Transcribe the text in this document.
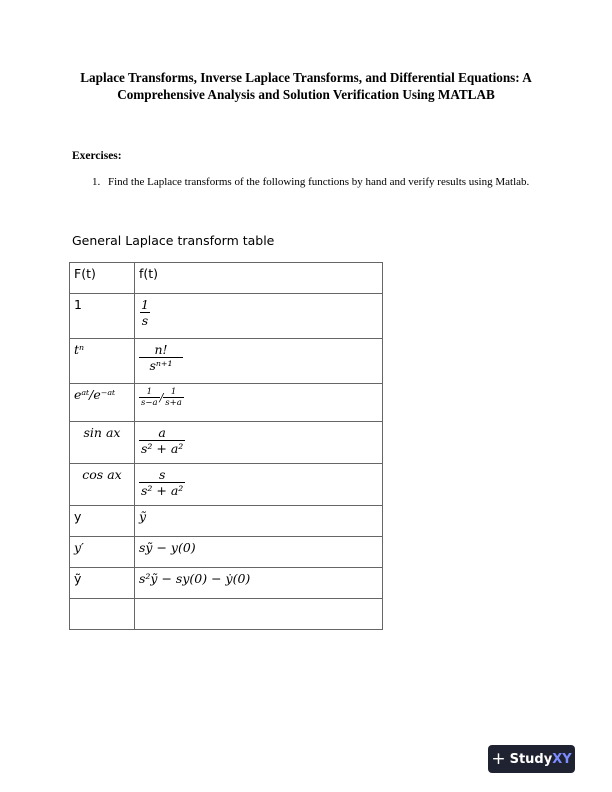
Laplace Transforms, Inverse Laplace Transforms, and Differential Equations: A Comprehensive Analysis and Solution Verification Using MATLAB
Exercises:
1. Find the Laplace transforms of the following functions by hand and verify results using Matlab.
General Laplace transform table
F(t)	f(t)
1	$\frac{1}{s}$

tⁿ	$\frac{n!}{\text{sⁿ⁺¹}}$

eᵃᵗ/e⁻ᵃᵗ	$\frac{1}{s-a} / \frac{1}{s+a}$

sin ax	$\frac{a}{\text{s² + a²}}$

cos ax	$\frac{s}{\text{s² + a²}}$

y	ỹ
y′	sỹ − y(0)
ỹ	s²ỹ − sy(0) − ẏ(0)

+ StudyXY
